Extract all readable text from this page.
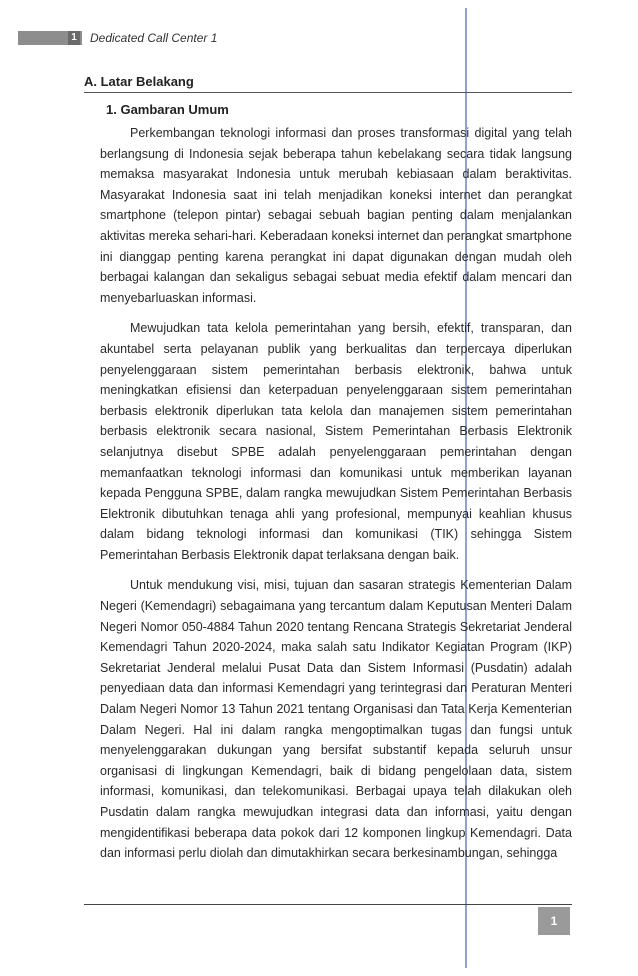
1 Dedicated Call Center 1
A. Latar Belakang
1. Gambaran Umum

Perkembangan teknologi informasi dan proses transformasi digital yang telah
berlangsung di Indonesia sejak beberapa tahun kebelakang secara tidak langsung
memaksa masyarakat Indonesia untuk merubah kebiasaan dalam beraktivitas.
Masyarakat Indonesia saat ini telah menjadikan koneksi internet dan perangkat
smartphone (telepon pintar) sebagai sebuah bagian penting dalam menjalankan
aktivitas mereka sehari-hari. Keberadaan koneksi internet dan perangkat smartphone
ini dianggap penting karena perangkat ini dapat digunakan dengan mudah oleh
berbagai kalangan dan sekaligus sebagai sebuat media efektif dalam mencari dan
menyebarluaskan informasi.

Mewujudkan tata kelola pemerintahan yang bersih, efektif, transparan, dan
akuntabel serta pelayanan publik yang berkualitas dan terpercaya diperlukan
penyelenggaraan sistem pemerintahan berbasis elektronik, bahwa untuk
meningkatkan efisiensi dan keterpaduan penyelenggaraan sistem pemerintahan
berbasis elektronik diperlukan tata kelola dan manajemen sistem pemerintahan
berbasis elektronik secara nasional, Sistem Pemerintahan Berbasis Elektronik
selanjutnya disebut SPBE adalah penyelenggaraan pemerintahan dengan
memanfaatkan teknologi informasi dan komunikasi untuk memberikan layanan
kepada Pengguna SPBE, dalam rangka mewujudkan Sistem Pemerintahan Berbasis
Elektronik dibutuhkan tenaga ahli yang profesional, mempunyai keahlian khusus
dalam bidang teknologi informasi dan komunikasi (TIK) sehingga Sistem
Pemerintahan Berbasis Elektronik dapat terlaksana dengan baik.

Untuk mendukung visi, misi, tujuan dan sasaran strategis Kementerian Dalam
Negeri (Kemendagri) sebagaimana yang tercantum dalam Keputusan Menteri Dalam
Negeri Nomor 050-4884 Tahun 2020 tentang Rencana Strategis Sekretariat Jenderal
Kemendagri Tahun 2020-2024, maka salah satu Indikator Kegiatan Program (IKP)
Sekretariat Jenderal melalui Pusat Data dan Sistem Informasi (Pusdatin) adalah
penyediaan data dan informasi Kemendagri yang terintegrasi dan Peraturan Menteri
Dalam Negeri Nomor 13 Tahun 2021 tentang Organisasi dan Tata Kerja Kementerian
Dalam Negeri. Hal ini dalam rangka mengoptimalkan tugas dan fungsi untuk
menyelenggarakan dukungan yang bersifat substantif kepada seluruh unsur
organisasi di lingkungan Kemendagri, baik di bidang pengelolaan data, sistem
informasi, komunikasi, dan telekomunikasi. Berbagai upaya telah dilakukan oleh
Pusdatin dalam rangka mewujudkan integrasi data dan informasi, yaitu dengan
mengidentifikasi beberapa data pokok dari 12 komponen lingkup Kemendagri. Data
dan informasi perlu diolah dan dimutakhirkan secara berkesinambungan, sehingga

1
